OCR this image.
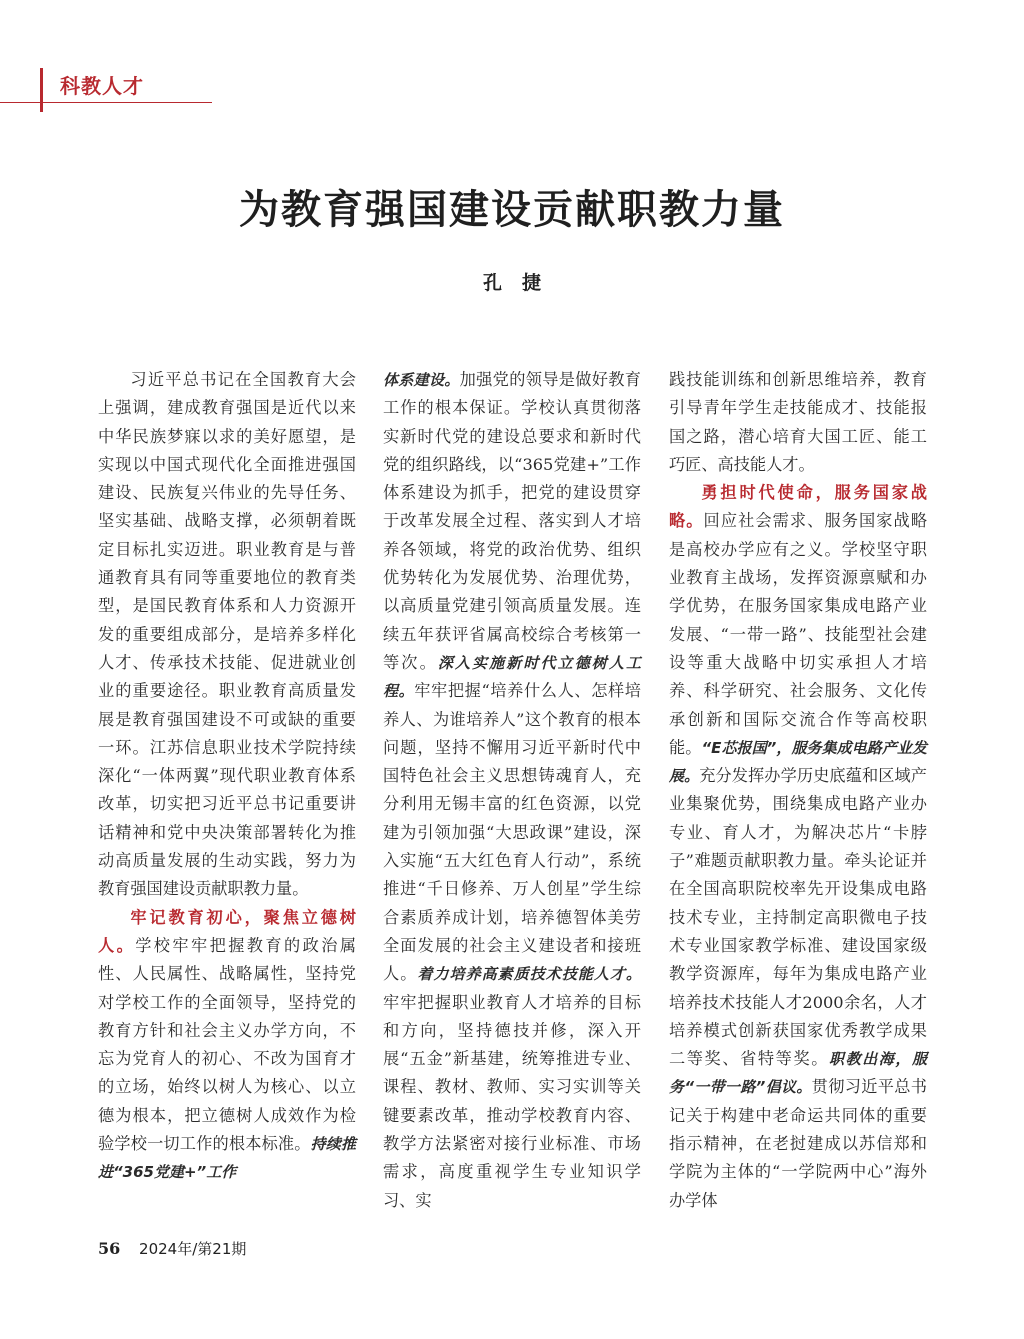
科教人才
为教育强国建设贡献职教力量
孔捷

习近平总书记在全国教育大会上强调，建成教育强国是近代以来中华民族梦寐以求的美好愿望，是实现以中国式现代化全面推进强国建设、民族复兴伟业的先导任务、坚实基础、战略支撑，必须朝着既定目标扎实迈进。职业教育是与普通教育具有同等重要地位的教育类型，是国民教育体系和人力资源开发的重要组成部分，是培养多样化人才、传承技术技能、促进就业创业的重要途径。职业教育高质量发展是教育强国建设不可或缺的重要一环。江苏信息职业技术学院持续深化“一体两翼”现代职业教育体系改革，切实把习近平总书记重要讲话精神和党中央决策部署转化为推动高质量发展的生动实践，努力为教育强国建设贡献职教力量。

牢记教育初心，聚焦立德树人。学校牢牢把握教育的政治属性、人民属性、战略属性，坚持党对学校工作的全面领导，坚持党的教育方针和社会主义办学方向，不忘为党育人的初心、不改为国育才的立场，始终以树人为核心、以立德为根本，把立德树人成效作为检验学校一切工作的根本标准。持续推进“365党建+”工作

体系建设。加强党的领导是做好教育工作的根本保证。学校认真贯彻落实新时代党的建设总要求和新时代党的组织路线，以“365党建+”工作体系建设为抓手，把党的建设贯穿于改革发展全过程、落实到人才培养各领域，将党的政治优势、组织优势转化为发展优势、治理优势，以高质量党建引领高质量发展。连续五年获评省属高校综合考核第一等次。深入实施新时代立德树人工程。牢牢把握“培养什么人、怎样培养人、为谁培养人”这个教育的根本问题，坚持不懈用习近平新时代中国特色社会主义思想铸魂育人，充分利用无锡丰富的红色资源，以党建为引领加强“大思政课”建设，深入实施“五大红色育人行动”，系统推进“千日修养、万人创星”学生综合素质养成计划，培养德智体美劳全面发展的社会主义建设者和接班人。着力培养高素质技术技能人才。牢牢把握职业教育人才培养的目标和方向，坚持德技并修，深入开展“五金”新基建，统筹推进专业、课程、教材、教师、实习实训等关键要素改革，推动学校教育内容、教学方法紧密对接行业标准、市场需求，高度重视学生专业知识学习、实

践技能训练和创新思维培养，教育引导青年学生走技能成才、技能报国之路，潜心培育大国工匠、能工巧匠、高技能人才。

勇担时代使命，服务国家战略。回应社会需求、服务国家战略是高校办学应有之义。学校坚守职业教育主战场，发挥资源禀赋和办学优势，在服务国家集成电路产业发展、“一带一路”、技能型社会建设等重大战略中切实承担人才培养、科学研究、社会服务、文化传承创新和国际交流合作等高校职能。“E芯报国”，服务集成电路产业发展。充分发挥办学历史底蕴和区域产业集聚优势，围绕集成电路产业办专业、育人才，为解决芯片“卡脖子”难题贡献职教力量。牵头论证并在全国高职院校率先开设集成电路技术专业，主持制定高职微电子技术专业国家教学标准、建设国家级教学资源库，每年为集成电路产业培养技术技能人才2000余名，人才培养模式创新获国家优秀教学成果二等奖、省特等奖。职教出海，服务“一带一路”倡议。贯彻习近平总书记关于构建中老命运共同体的重要指示精神，在老挝建成以苏信郑和学院为主体的“一学院两中心”海外办学体

56 2024年/第21期
